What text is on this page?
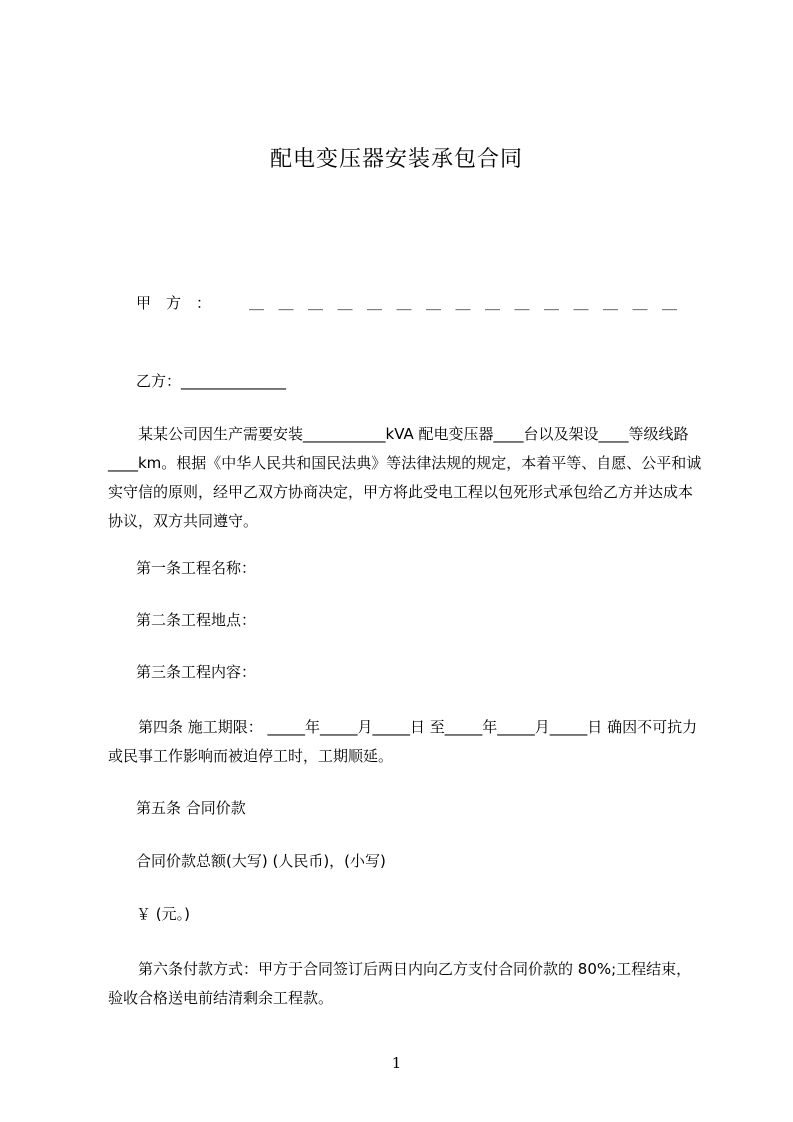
配电变压器安装承包合同
甲　方　：	＿＿＿＿＿＿＿＿＿＿＿＿＿＿＿
乙方：______________
某某公司因生产需要安装___________kVA 配电变压器____台以及架设____等级线路____km。根据《中华人民共和国民法典》等法律法规的规定，本着平等、自愿、公平和诚实守信的原则，经甲乙双方协商决定，甲方将此受电工程以包死形式承包给乙方并达成本协议，双方共同遵守。
第一条工程名称：
第二条工程地点：
第三条工程内容：
第四条 施工期限： _____年_____月_____日 至_____年_____月_____日 确因不可抗力或民事工作影响而被迫停工时，工期顺延。
第五条 合同价款
合同价款总额(大写) (人民币)，(小写)
￥ (元。)
第六条付款方式：甲方于合同签订后两日内向乙方支付合同价款的 80%;工程结束，验收合格送电前结清剩余工程款。
1
